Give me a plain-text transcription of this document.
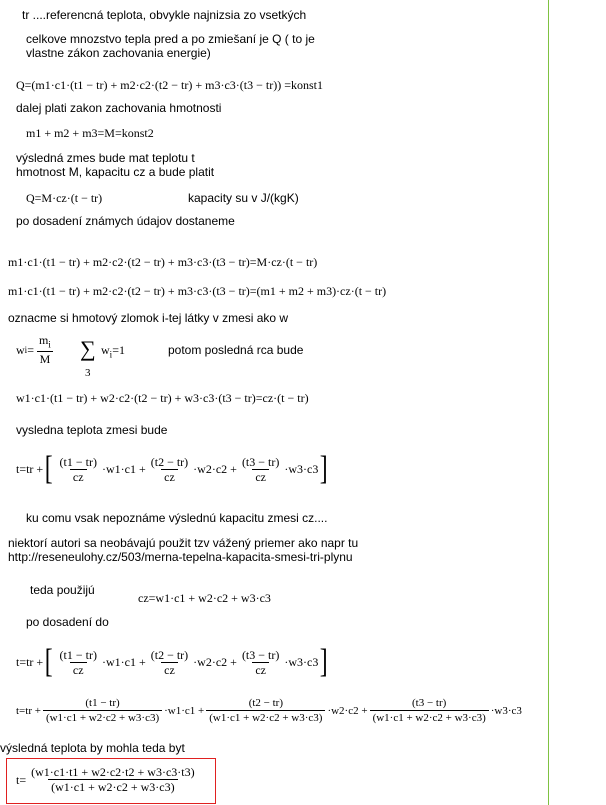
tr ....referencná teplota, obvykle najnizsia zo vsetkých
celkove mnozstvo tepla pred a po zmiešaní je Q ( to je
vlastne zákon zachovania energie)
Q=(m1·c1·(t1 − tr) + m2·c2·(t2 − tr) + m3·c3·(t3 − tr)) =konst1
dalej plati zakon zachovania hmotnosti
m1 + m2 + m3=M=konst2
výsledná zmes bude mat teplotu t
hmotnost M, kapacitu cz a bude platit
Q=M·cz·(t − tr)	kapacity su v J/(kgK)
po dosadení známych údajov dostaneme
m1·c1·(t1 − tr) + m2·c2·(t2 − tr) + m3·c3·(t3 − tr)=M·cz·(t − tr)
m1·c1·(t1 − tr) + m2·c2·(t2 − tr) + m3·c3·(t3 − tr)=(m1 + m2 + m3)·cz·(t − tr)
oznacme si hmotový zlomok i-tej látky v zmesi ako w
w $i = \frac{m_i}{M}$ ∑ $w_i=1$
3
potom posledná rca bude
w1·c1·(t1 − tr) + w2·c2·(t2 − tr) + w3·c3·(t3 − tr)=cz·(t − tr)
vysledna teplota zmesi bude
t=tr + [ $\frac{(t1 - tr)}{cz} \cdot w1\cdot c1 + \frac{(t2 - tr)}{cz} \cdot w2\cdot c2 + \frac{(t3 - tr)}{cz} \cdot w3\cdot c3$ ]
ku comu vsak nepoznáme výslednú kapacitu zmesi cz....
niektorí autori sa neobávajú použit tzv vážený priemer ako napr tu
http://reseneulohy.cz/503/merna-tepelna-kapacita-smesi-tri-plynu
teda použijú
cz=w1·c1 + w2·c2 + w3·c3
po dosadení do
t=tr + [ $\frac{(t1 - tr)}{cz} \cdot w1\cdot c1 + \frac{(t2 - tr)}{cz} \cdot w2\cdot c2 + \frac{(t3 - tr)}{cz} \cdot w3\cdot c3$ ]
$t=tr + \frac{(t1 - tr)}{(w1\cdot c1 + w2\cdot c2 + w3\cdot c3)} \cdot w1\cdot c1 + \frac{(t2 - tr)}{(w1\cdot c1 + w2\cdot c2 + w3\cdot c3)} \cdot w2\cdot c2 + \frac{(t3 - tr)}{(w1\cdot c1 + w2\cdot c2 + w3\cdot c3)} \cdot w3\cdot c3$
výsledná teplota by mohla teda byt
$t= \frac{(w1\cdot c1\cdot t1 + w2\cdot c2\cdot t2 + w3\cdot c3\cdot t3)}{(w1\cdot c1 + w2\cdot c2 + w3\cdot c3)}$
